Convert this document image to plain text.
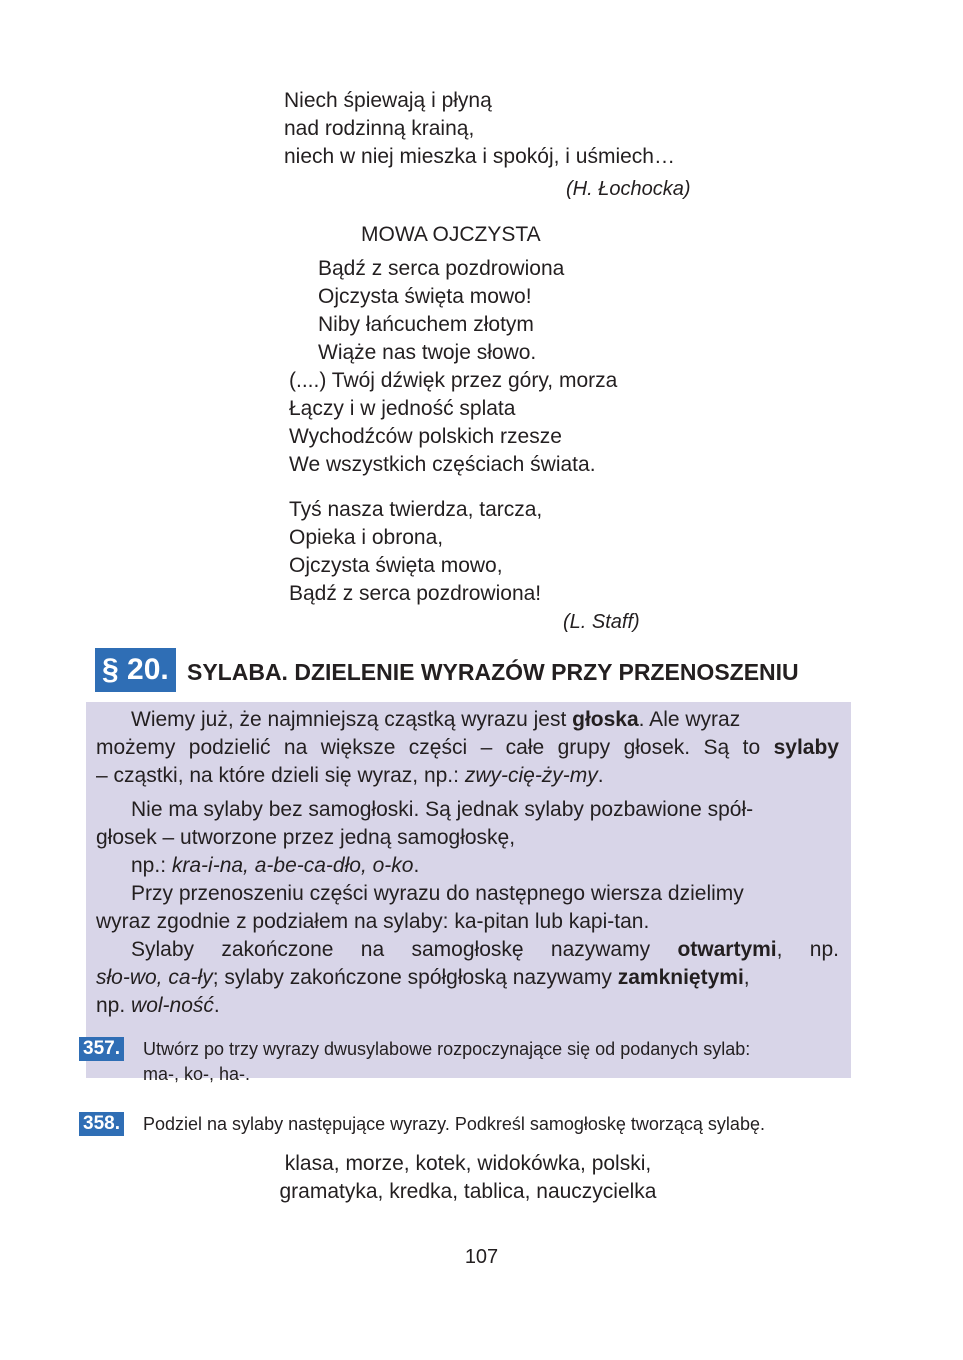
Niech śpiewają i płyną
nad rodzinną krainą,
niech w niej mieszka i spokój, i uśmiech…
(H. Łochocka)
MOWA OJCZYSTA
Bądź z serca pozdrowiona
Ojczysta święta mowo!
Niby łańcuchem złotym
Wiąże nas twoje słowo.
(....) Twój dźwięk przez góry, morza
Łączy i w jedność splata
Wychodźców polskich rzesze
We wszystkich częściach świata.
Tyś nasza twierdza, tarcza,
Opieka i obrona,
Ojczysta święta mowo,
Bądź z serca pozdrowiona!
(L. Staff)
§ 20. SYLABA. DZIELENIE WYRAZÓW PRZY PRZENOSZENIU
Wiemy już, że najmniejszą cząstką wyrazu jest głoska. Ale wyraz
możemy podzielić na większe części – całe grupy głosek. Są to sylaby
– cząstki, na które dzieli się wyraz, np.: zwy-cię-ży-my.
Nie ma sylaby bez samogłoski. Są jednak sylaby pozbawione spół-
głosek – utworzone przez jedną samogłoskę,
np.: kra-i-na, a-be-ca-dło, o-ko.
Przy przenoszeniu części wyrazu do następnego wiersza dzielimy
wyraz zgodnie z podziałem na sylaby: ka-pitan lub kapi-tan.
Sylaby zakończone na samogłoskę nazywamy otwartymi, np.
sło-wo, ca-ły; sylaby zakończone spółgłoską nazywamy zamkniętymi,
np. wol-ność.
357. Utwórz po trzy wyrazy dwusylabowe rozpoczynające się od podanych sylab:
ma-, ko-, ha-.
358. Podziel na sylaby następujące wyrazy. Podkreśl samogłoskę tworzącą sylabę.
klasa, morze, kotek, widokówka, polski,
gramatyka, kredka, tablica, nauczycielka
107
